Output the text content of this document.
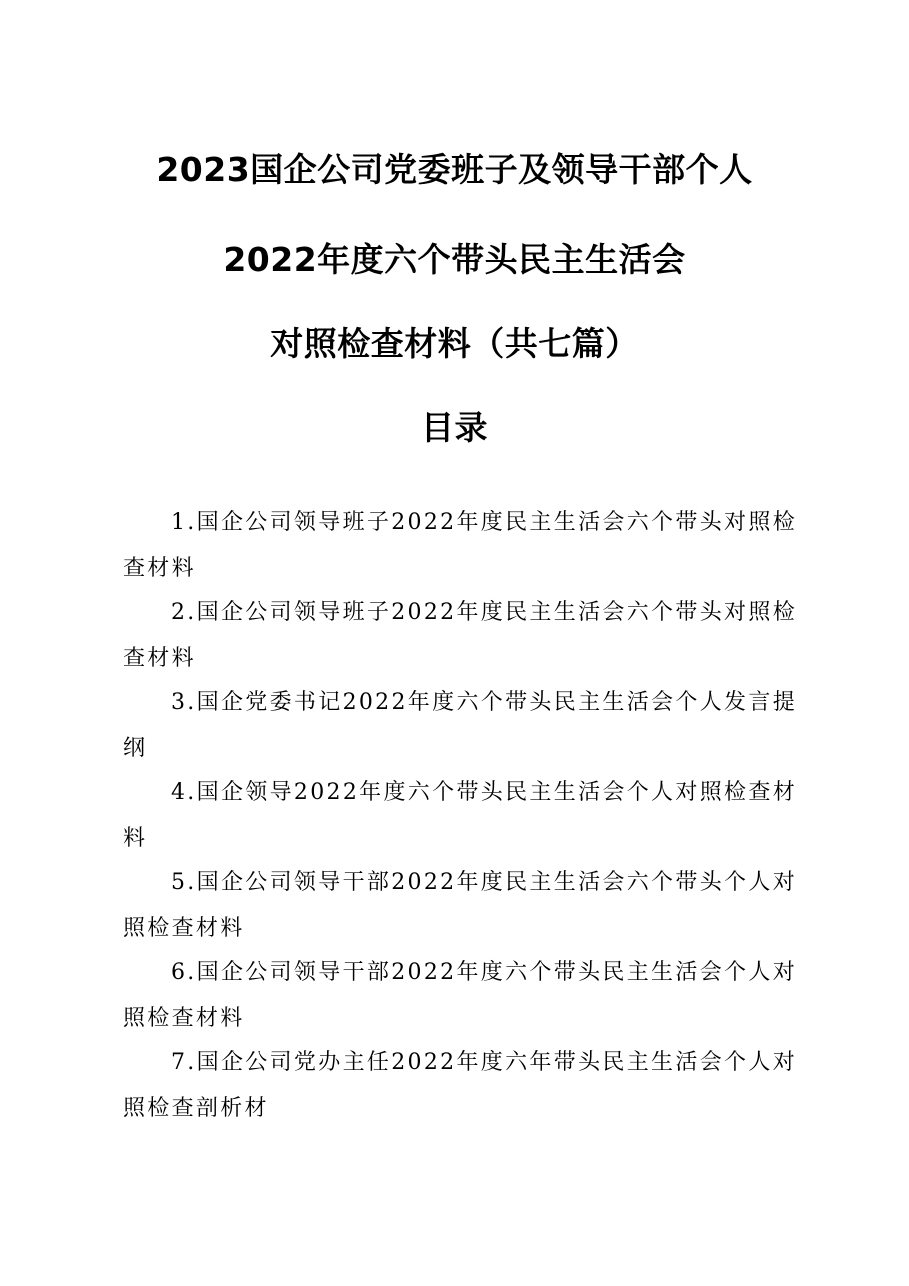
2023国企公司党委班子及领导干部个人
2022年度六个带头民主生活会
对照检查材料（共七篇）
目录

1.国企公司领导班子2022年度民主生活会六个带头对照检查材料

2.国企公司领导班子2022年度民主生活会六个带头对照检查材料

3.国企党委书记2022年度六个带头民主生活会个人发言提纲

4.国企领导2022年度六个带头民主生活会个人对照检查材料

5.国企公司领导干部2022年度民主生活会六个带头个人对照检查材料

6.国企公司领导干部2022年度六个带头民主生活会个人对照检查材料

7.国企公司党办主任2022年度六年带头民主生活会个人对照检查剖析材
